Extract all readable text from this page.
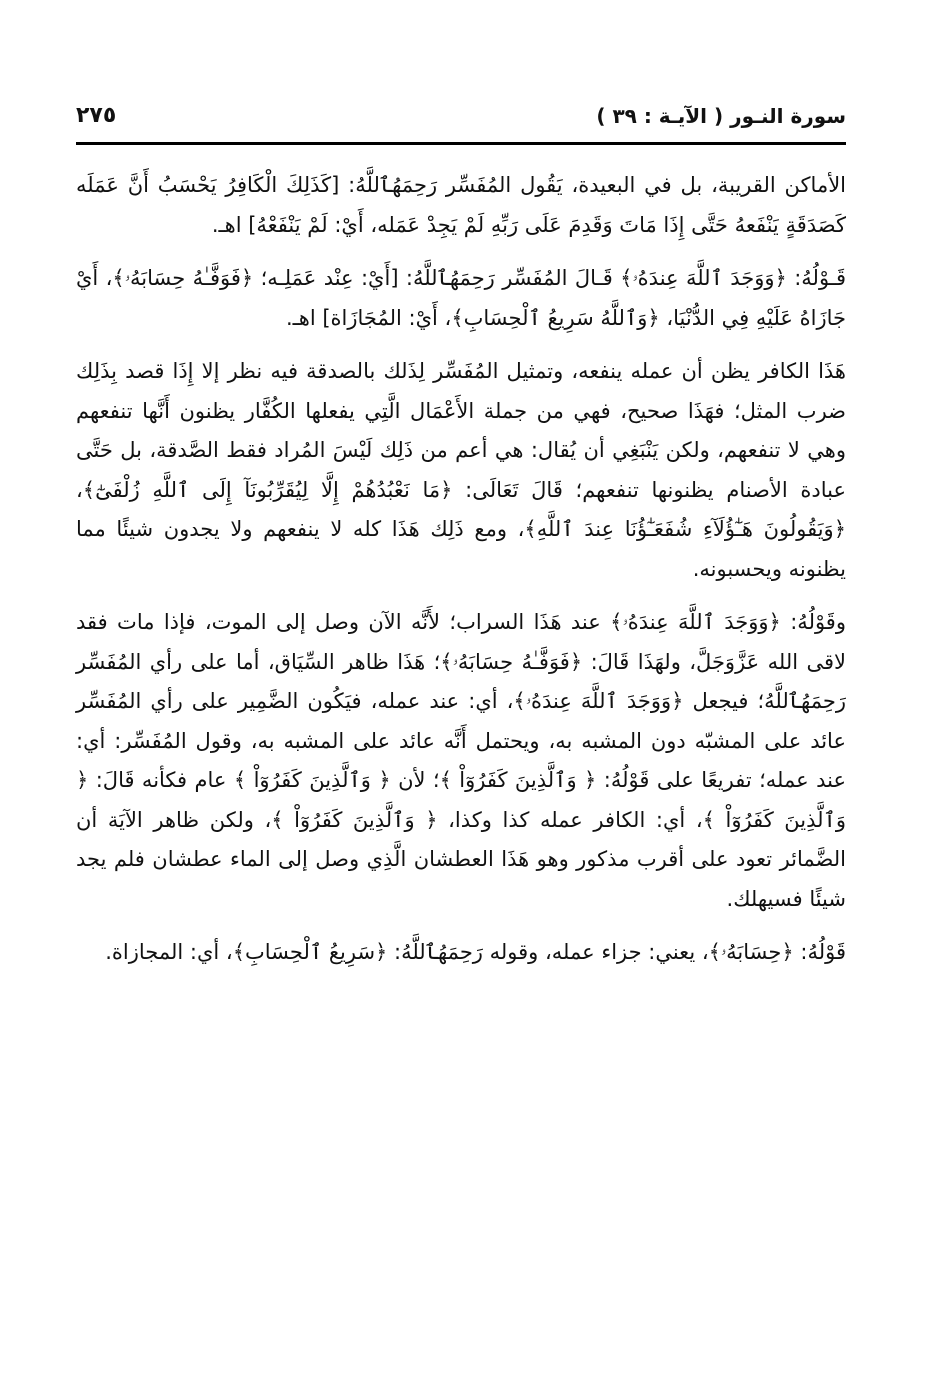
سورة النـور ( الآيـة : ٣٩ )
٢٧٥

الأماكن القريبة، بل في البعيدة، يَقُول المُفَسِّر رَحِمَهُٱللَّهُ: [كَذَلِكَ الْكَافِرُ يَحْسَبُ أَنَّ عَمَلَه كَصَدَقَةٍ يَنْفَعهُ حَتَّى إِذَا مَاتَ وَقَدِمَ عَلَى رَبِّهِ لَمْ يَجِدْ عَمَله، أَيْ: لَمْ يَنْفَعْهُ] اهـ.

قَـوْلُهُ: ﴿وَوَجَدَ ٱللَّهَ عِندَهُۥ﴾ قَـالَ المُفَسِّر رَحِمَهُٱللَّهُ: [أَيْ: عِنْد عَمَلِـه؛ ﴿فَوَفَّـٰهُ حِسَابَهُۥ﴾، أَيْ جَازَاهُ عَلَيْهِ فِي الدُّنْيَا، ﴿وَٱللَّهُ سَرِيعُ ٱلْحِسَابِ﴾، أَيْ: المُجَازَاة] اهـ.

هَذَا الكافر يظن أن عمله ينفعه، وتمثيل المُفَسِّر لِذَلك بالصدقة فيه نظر إلا إِذَا قصد بِذَلِك ضرب المثل؛ فهَذَا صحيح، فهي من جملة الأَعْمَال الَّتِي يفعلها الكُفَّار يظنون أَنَّها تنفعهم وهي لا تنفعهم، ولكن يَنْبَغِي أن يُقال: هي أعم من ذَلِك لَيْسَ المُراد فقط الصَّدقة، بل حَتَّى عبادة الأصنام يظنونها تنفعهم؛ قَالَ تَعَالَى: ﴿مَا نَعْبُدُهُمْ إِلَّا لِيُقَرِّبُونَآ إِلَى ٱللَّهِ زُلْفَىٰٓ﴾، ﴿وَيَقُولُونَ هَـٰٓؤُلَآءِ شُفَعَـٰٓؤُنَا عِندَ ٱللَّهِ﴾، ومع ذَلِك هَذَا كله لا ينفعهم ولا يجدون شيئًا مما يظنونه ويحسبونه.

وقَوْلُهُ: ﴿وَوَجَدَ ٱللَّهَ عِندَهُۥ﴾ عند هَذَا السراب؛ لأَنَّه الآن وصل إلى الموت، فإذا مات فقد لاقى الله عَزَّوَجَلَّ، ولهَذَا قَالَ: ﴿فَوَفَّـٰهُ حِسَابَهُۥ﴾؛ هَذَا ظاهر السِّيَاق، أما على رأي المُفَسِّر رَحِمَهُٱللَّهُ؛ فيجعل ﴿وَوَجَدَ ٱللَّهَ عِندَهُۥ﴾، أي: عند عمله، فيَكُون الضَّمِير على رأي المُفَسِّر عائد على المشبّه دون المشبه به، ويحتمل أَنَّه عائد على المشبه به، وقول المُفَسِّر: أي: عند عمله؛ تفريعًا على قَوْلُهُ: ﴿ وَٱلَّذِينَ كَفَرُوٓاْ ﴾؛ لأن ﴿ وَٱلَّذِينَ كَفَرُوٓاْ ﴾ عام فكأنه قَالَ: ﴿ وَٱلَّذِينَ كَفَرُوٓاْ ﴾، أي: الكافر عمله كذا وكذا، ﴿ وَٱلَّذِينَ كَفَرُوٓاْ ﴾، ولكن ظاهر الآيَة أن الضَّمائر تعود على أقرب مذكور وهو هَذَا العطشان الَّذِي وصل إلى الماء عطشان فلم يجد شيئًا فسيهلك.

قَوْلُهُ: ﴿حِسَابَهُۥ﴾، يعني: جزاء عمله، وقوله رَحِمَهُٱللَّهُ: ﴿سَرِيعُ ٱلْحِسَابِ﴾، أي: المجازاة.
